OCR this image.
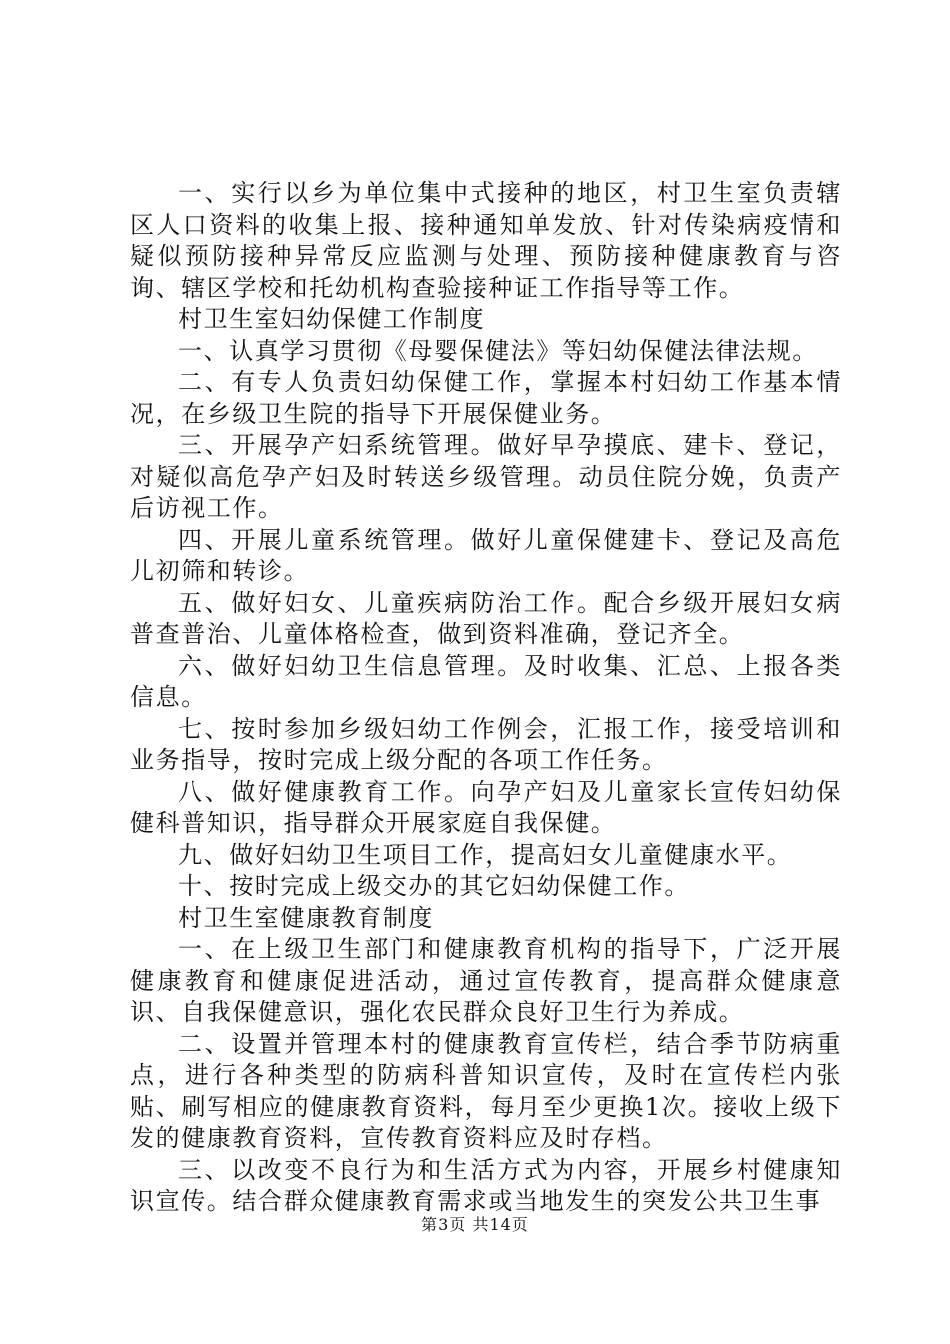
一、实行以乡为单位集中式接种的地区，村卫生室负责辖区人口资料的收集上报、接种通知单发放、针对传染病疫情和疑似预防接种异常反应监测与处理、预防接种健康教育与咨询、辖区学校和托幼机构查验接种证工作指导等工作。

村卫生室妇幼保健工作制度

一、认真学习贯彻《母婴保健法》等妇幼保健法律法规。

二、有专人负责妇幼保健工作，掌握本村妇幼工作基本情况，在乡级卫生院的指导下开展保健业务。

三、开展孕产妇系统管理。做好早孕摸底、建卡、登记，对疑似高危孕产妇及时转送乡级管理。动员住院分娩，负责产后访视工作。

四、开展儿童系统管理。做好儿童保健建卡、登记及高危儿初筛和转诊。

五、做好妇女、儿童疾病防治工作。配合乡级开展妇女病普查普治、儿童体格检查，做到资料准确，登记齐全。

六、做好妇幼卫生信息管理。及时收集、汇总、上报各类信息。

七、按时参加乡级妇幼工作例会，汇报工作，接受培训和业务指导，按时完成上级分配的各项工作任务。

八、做好健康教育工作。向孕产妇及儿童家长宣传妇幼保健科普知识，指导群众开展家庭自我保健。

九、做好妇幼卫生项目工作，提高妇女儿童健康水平。

十、按时完成上级交办的其它妇幼保健工作。

村卫生室健康教育制度

一、在上级卫生部门和健康教育机构的指导下，广泛开展健康教育和健康促进活动，通过宣传教育，提高群众健康意识、自我保健意识，强化农民群众良好卫生行为养成。

二、设置并管理本村的健康教育宣传栏，结合季节防病重点，进行各种类型的防病科普知识宣传，及时在宣传栏内张贴、刷写相应的健康教育资料，每月至少更换1次。接收上级下发的健康教育资料，宣传教育资料应及时存档。

三、以改变不良行为和生活方式为内容，开展乡村健康知识宣传。结合群众健康教育需求或当地发生的突发公共卫生事

第3页 共14页
